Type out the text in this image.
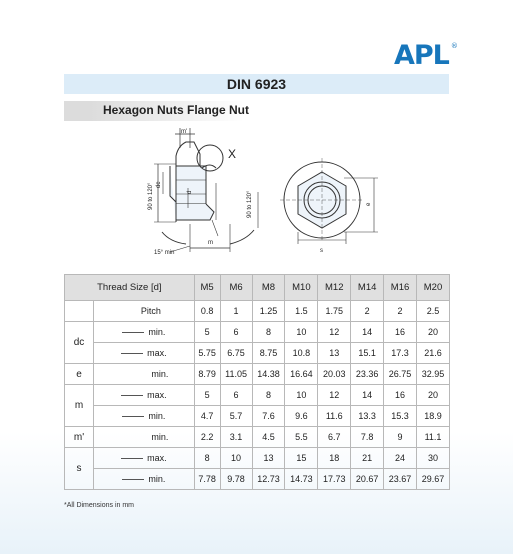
APL ®
DIN 6923
Hexagon Nuts Flange Nut
m'
90 to 120°	90 to 120°
X
dc
d
m
15° min	s
e
Thread Size [d]		M5	M6	M8	M10	M12	M14	M16	M20
	Pitch	0.8	1	1.25	1.5	1.75	2	2	2.5
dc	min.	5	6	8	10	12	14	16	20
	max.	5.75	6.75	8.75	10.8	13	15.1	17.3	21.6
e	min.	8.79	11.05	14.38	16.64	20.03	23.36	26.75	32.95
m	max.	5	6	8	10	12	14	16	20
	min.	4.7	5.7	7.6	9.6	11.6	13.3	15.3	18.9
m'	min.	2.2	3.1	4.5	5.5	6.7	7.8	9	11.1
s	max.	8	10	13	15	18	21	24	30
	min.	7.78	9.78	12.73	14.73	17.73	20.67	23.67	29.67
*All Dimensions in mm
